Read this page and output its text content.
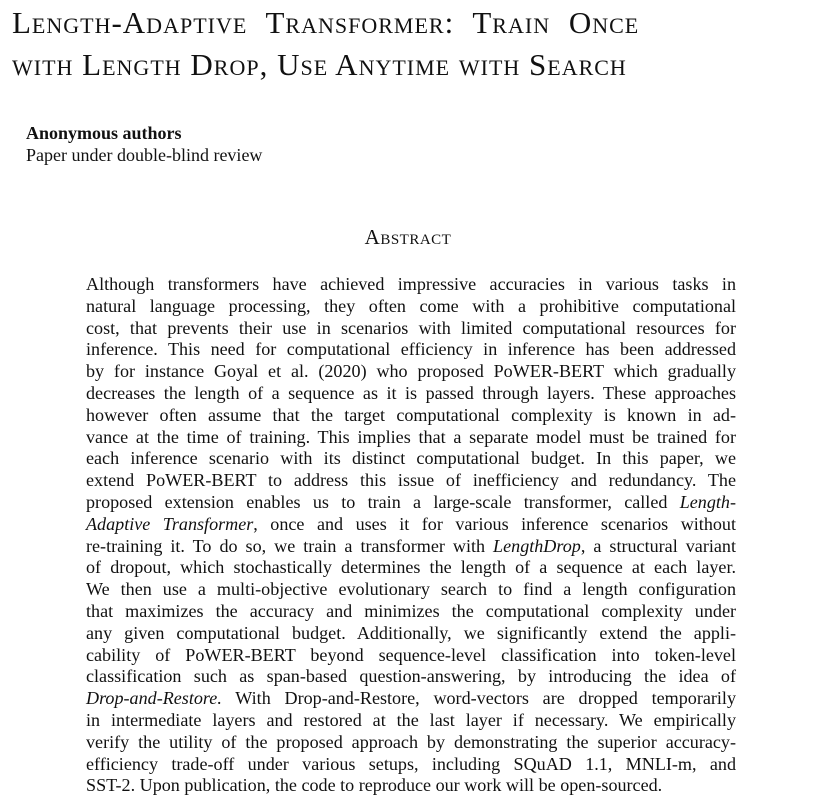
Length-Adaptive Transformer: Train Once
with Length Drop, Use Anytime with Search
Anonymous authors
Paper under double-blind review
Abstract
Although transformers have achieved impressive accuracies in various tasks in
natural language processing, they often come with a prohibitive computational
cost, that prevents their use in scenarios with limited computational resources for
inference. This need for computational efficiency in inference has been addressed
by for instance Goyal et al. (2020) who proposed PoWER-BERT which gradually
decreases the length of a sequence as it is passed through layers. These approaches
however often assume that the target computational complexity is known in ad-
vance at the time of training. This implies that a separate model must be trained for
each inference scenario with its distinct computational budget. In this paper, we
extend PoWER-BERT to address this issue of inefficiency and redundancy. The
proposed extension enables us to train a large-scale transformer, called Length-
Adaptive Transformer, once and uses it for various inference scenarios without
re-training it. To do so, we train a transformer with LengthDrop, a structural variant
of dropout, which stochastically determines the length of a sequence at each layer.
We then use a multi-objective evolutionary search to find a length configuration
that maximizes the accuracy and minimizes the computational complexity under
any given computational budget. Additionally, we significantly extend the appli-
cability of PoWER-BERT beyond sequence-level classification into token-level
classification such as span-based question-answering, by introducing the idea of
Drop-and-Restore. With Drop-and-Restore, word-vectors are dropped temporarily
in intermediate layers and restored at the last layer if necessary. We empirically
verify the utility of the proposed approach by demonstrating the superior accuracy-
efficiency trade-off under various setups, including SQuAD 1.1, MNLI-m, and
SST-2. Upon publication, the code to reproduce our work will be open-sourced.
